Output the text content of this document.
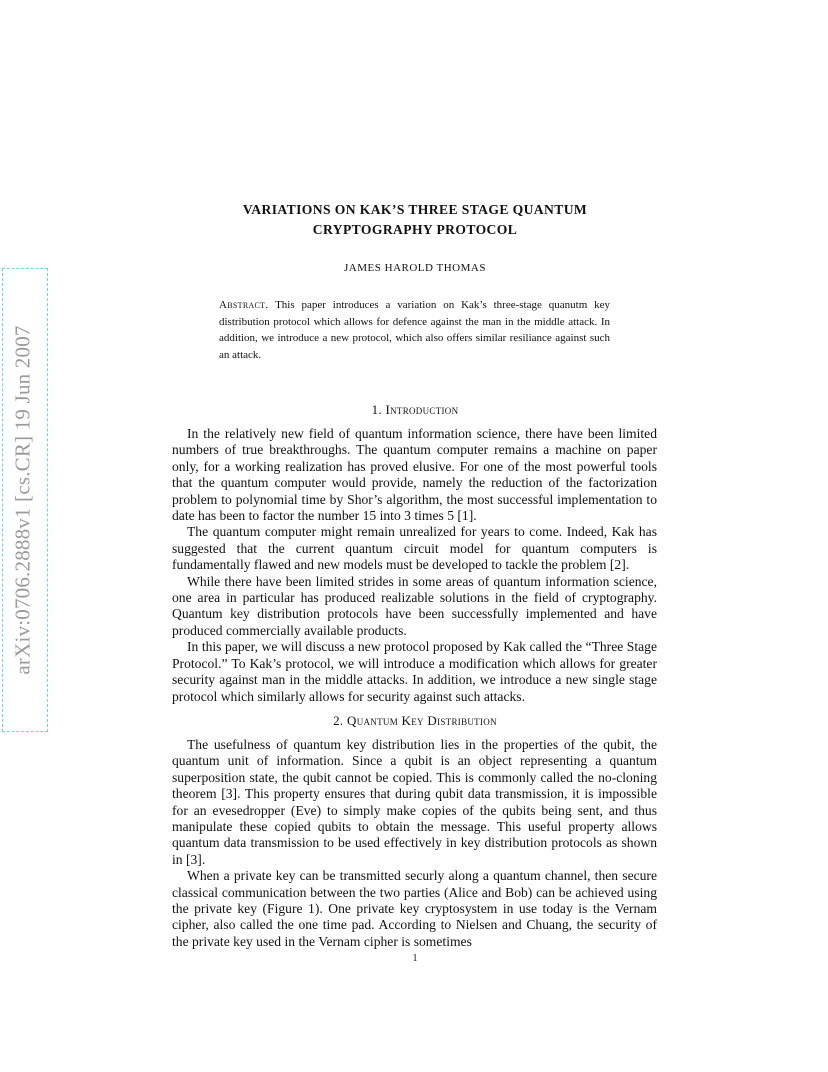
arXiv:0706.2888v1 [cs.CR] 19 Jun 2007
VARIATIONS ON KAK’S THREE STAGE QUANTUM
CRYPTOGRAPHY PROTOCOL
JAMES HAROLD THOMAS
Abstract. This paper introduces a variation on Kak’s three-stage quanutm key distribution protocol which allows for defence against the man in the middle attack. In addition, we introduce a new protocol, which also offers similar resiliance against such an attack.
1. Introduction

In the relatively new field of quantum information science, there have been limited numbers of true breakthroughs. The quantum computer remains a machine on paper only, for a working realization has proved elusive. For one of the most powerful tools that the quantum computer would provide, namely the reduction of the factorization problem to polynomial time by Shor’s algorithm, the most successful implementation to date has been to factor the number 15 into 3 times 5 [1].

The quantum computer might remain unrealized for years to come. Indeed, Kak has suggested that the current quantum circuit model for quantum computers is fundamentally flawed and new models must be developed to tackle the problem [2].

While there have been limited strides in some areas of quantum information science, one area in particular has produced realizable solutions in the field of cryptography. Quantum key distribution protocols have been successfully implemented and have produced commercially available products.

In this paper, we will discuss a new protocol proposed by Kak called the “Three Stage Protocol.” To Kak’s protocol, we will introduce a modification which allows for greater security against man in the middle attacks. In addition, we introduce a new single stage protocol which similarly allows for security against such attacks.

2. Quantum Key Distribution

The usefulness of quantum key distribution lies in the properties of the qubit, the quantum unit of information. Since a qubit is an object representing a quantum superposition state, the qubit cannot be copied. This is commonly called the no-cloning theorem [3]. This property ensures that during qubit data transmission, it is impossible for an evesedropper (Eve) to simply make copies of the qubits being sent, and thus manipulate these copied qubits to obtain the message. This useful property allows quantum data transmission to be used effectively in key distribution protocols as shown in [3].

When a private key can be transmitted securly along a quantum channel, then secure classical communication between the two parties (Alice and Bob) can be achieved using the private key (Figure 1). One private key cryptosystem in use today is the Vernam cipher, also called the one time pad. According to Nielsen and Chuang, the security of the private key used in the Vernam cipher is sometimes

1
